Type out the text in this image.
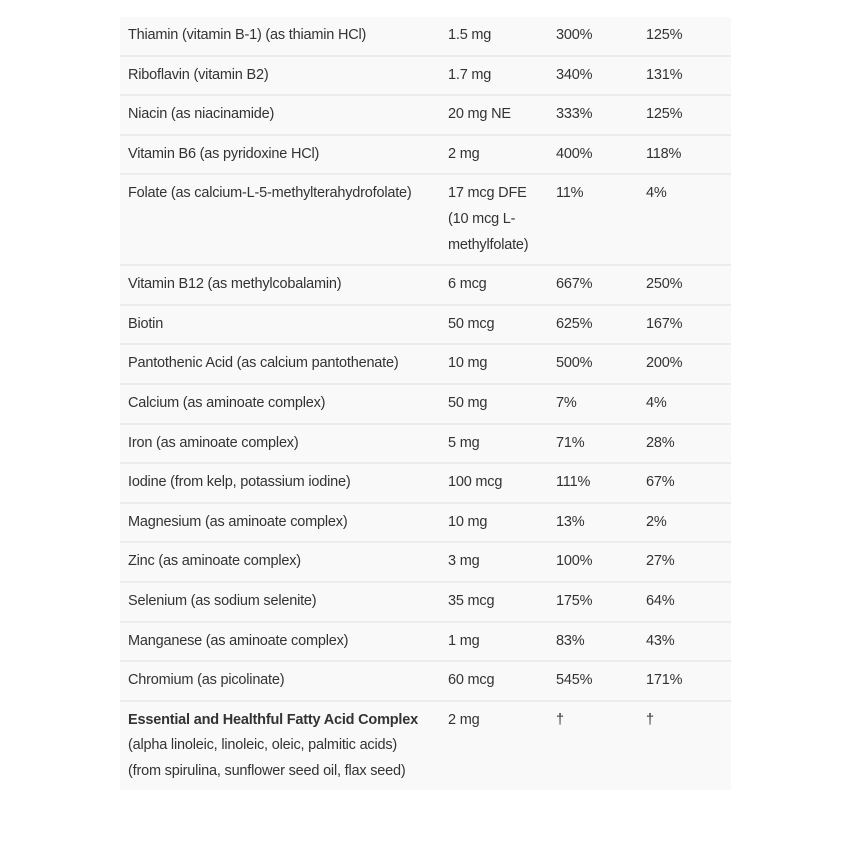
Thiamin (vitamin B-1) (as thiamin HCl)	1.5 mg	300%	125%
Riboflavin (vitamin B2)	1.7 mg	340%	131%
Niacin (as niacinamide)	20 mg NE	333%	125%
Vitamin B6 (as pyridoxine HCl)	2 mg	400%	118%
Folate (as calcium-L-5-methylterahydrofolate)	17 mcg DFE (10 mcg L-methylfolate)	11%	4%
Vitamin B12 (as methylcobalamin)	6 mcg	667%	250%
Biotin	50 mcg	625%	167%
Pantothenic Acid (as calcium pantothenate)	10 mg	500%	200%
Calcium (as aminoate complex)	50 mg	7%	4%
Iron (as aminoate complex)	5 mg	71%	28%
Iodine (from kelp, potassium iodine)	100 mcg	111%	67%
Magnesium (as aminoate complex)	10 mg	13%	2%
Zinc (as aminoate complex)	3 mg	100%	27%
Selenium (as sodium selenite)	35 mcg	175%	64%
Manganese (as aminoate complex)	1 mg	83%	43%
Chromium (as picolinate)	60 mcg	545%	171%
Essential and Healthful Fatty Acid Complex
(alpha linoleic, linoleic, oleic, palmitic acids)
(from spirulina, sunflower seed oil, flax seed)	2 mg	†	†
